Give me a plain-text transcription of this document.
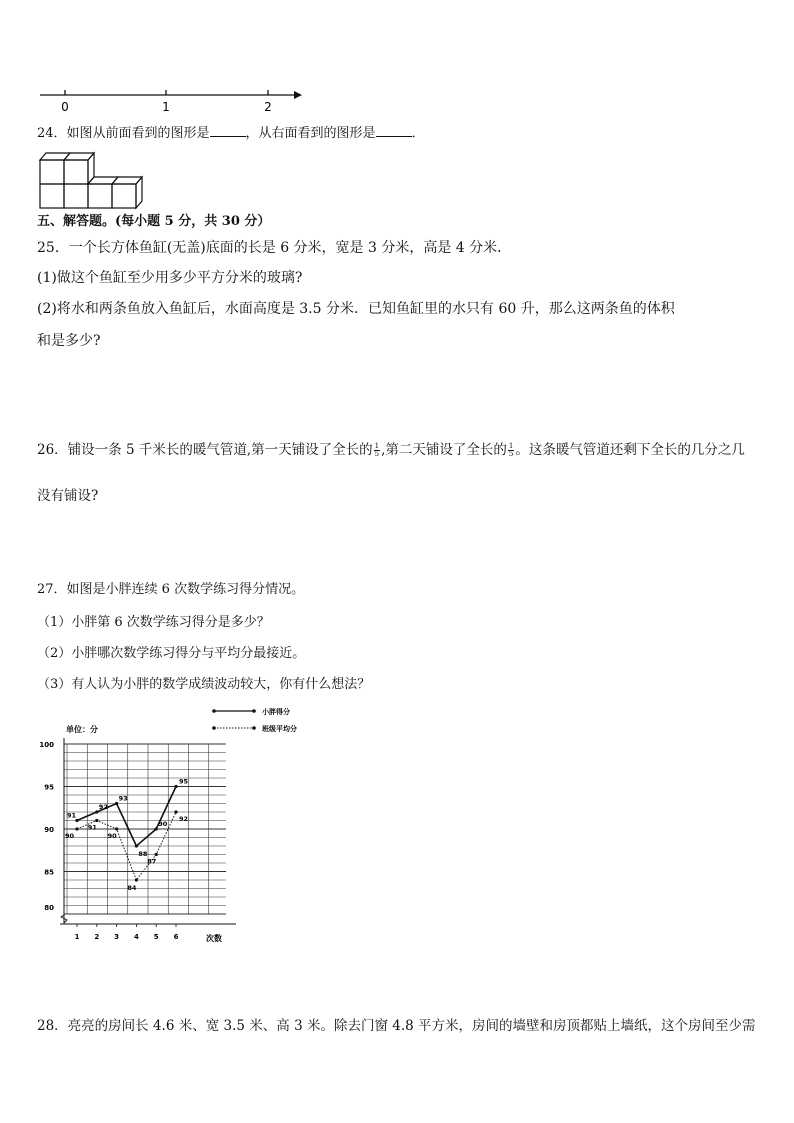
0	1	2
24．如图从前面看到的图形是	，从右面看到的图形是	．
五、解答题。(每小题 5 分，共 30 分）
25．一个长方体鱼缸(无盖)底面的长是 6 分米，宽是 3 分米，高是 4 分米．
(1)做这个鱼缸至少用多少平方分米的玻璃?
(2)将水和两条鱼放入鱼缸后，水面高度是 3.5 分米．已知鱼缸里的水只有 60 升，那么这两条鱼的体积
和是多少?
26．铺设一条 5 千米长的暖气管道,第一天铺设了全长的 $\frac{1}{5}$ ,第二天铺设了全长的 $\frac{1}{5}$ 。这条暖气管道还剩下全长的几分之几
没有铺设?
27．如图是小胖连续 6 次数学练习得分情况。
（1）小胖第 6 次数学练习得分是多少？
（2）小胖哪次数学练习得分与平均分最接近。
（3）有人认为小胖的数学成绩波动较大，你有什么想法？
80
85
90
95
100
1 2 3 4 5 6
91
92
93
88
90
95
90
91
90
84
87
92
小胖得分
班级平均分
单位：分
次数
28．亮亮的房间长 4.6 米、宽 3.5 米、高 3 米。除去门窗 4.8 平方米，房间的墙壁和房顶都贴上墙纸，这个房间至少需
